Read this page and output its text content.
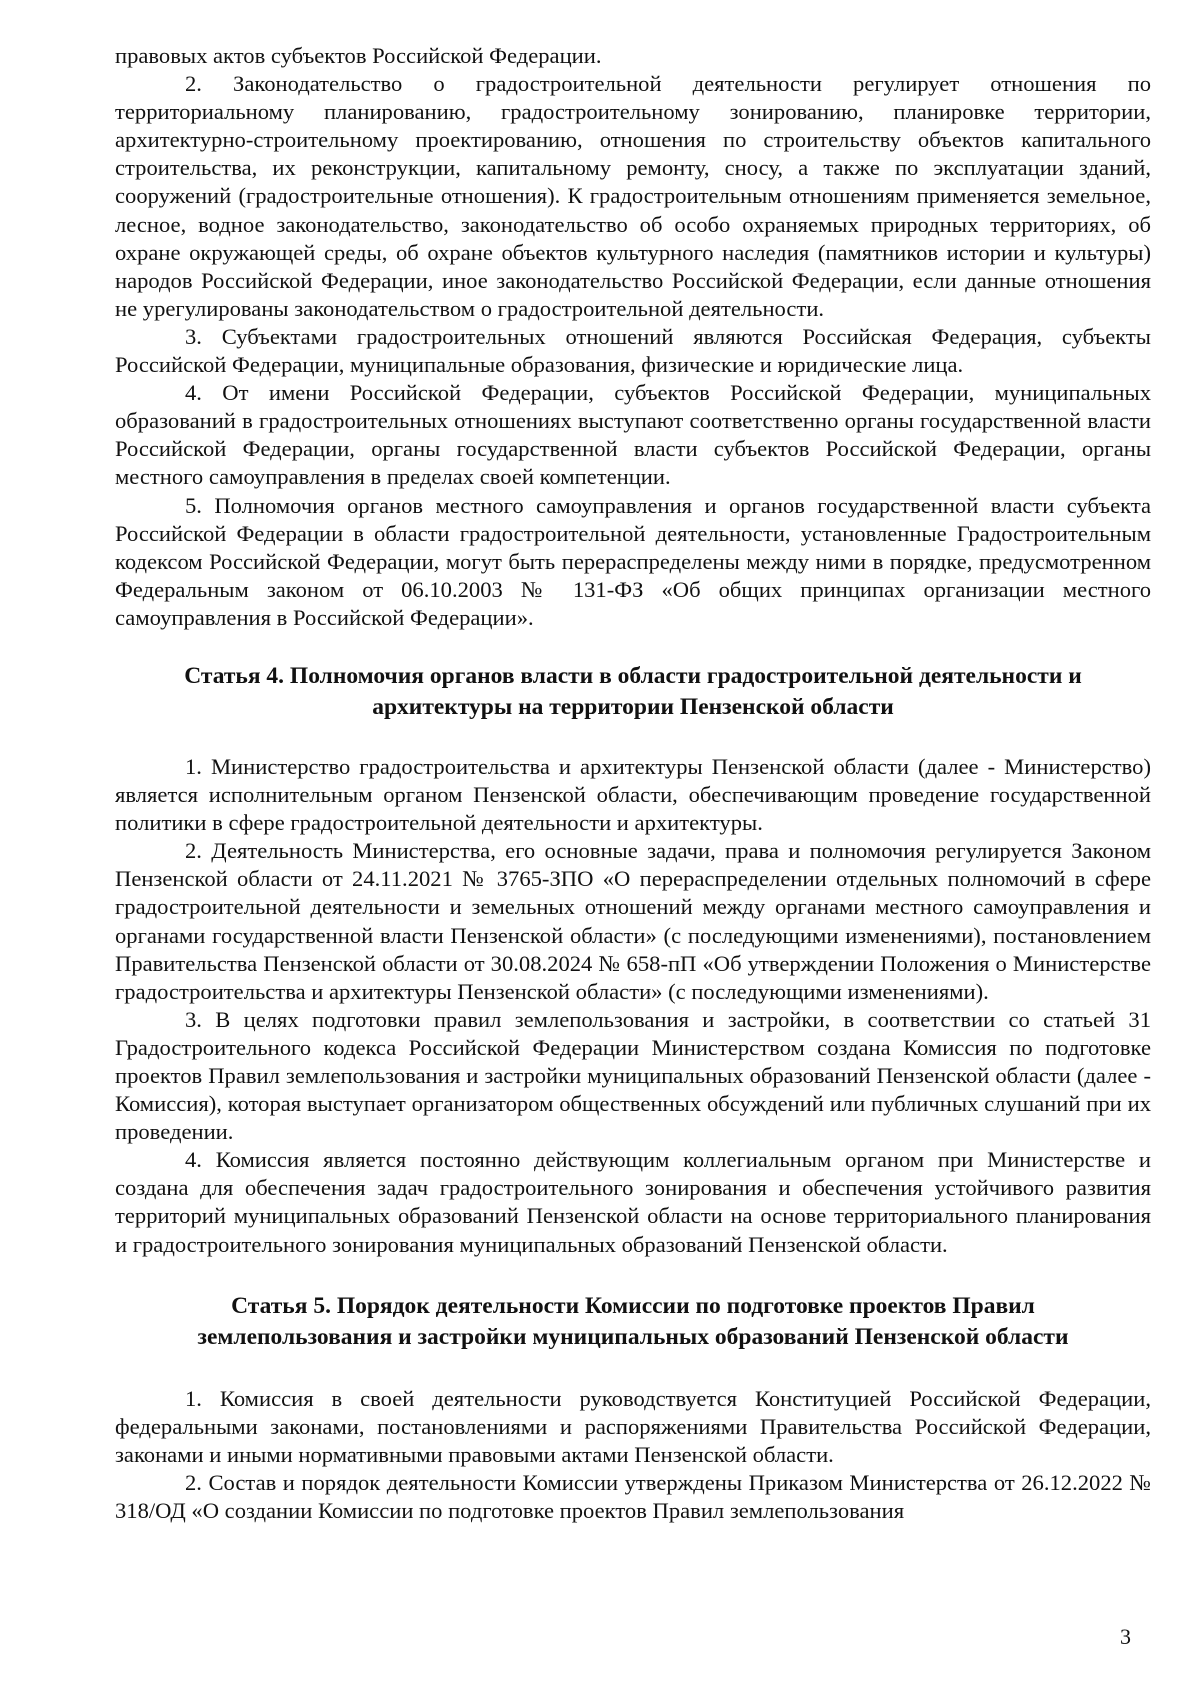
правовых актов субъектов Российской Федерации.

2. Законодательство о градостроительной деятельности регулирует отношения по территориальному планированию, градостроительному зонированию, планировке территории, архитектурно-строительному проектированию, отношения по строительству объектов капитального строительства, их реконструкции, капитальному ремонту, сносу, а также по эксплуатации зданий, сооружений (градостроительные отношения). К градостроительным отношениям применяется земельное, лесное, водное законодательство, законодательство об особо охраняемых природных территориях, об охране окружающей среды, об охране объектов культурного наследия (памятников истории и культуры) народов Российской Федерации, иное законодательство Российской Федерации, если данные отношения не урегулированы законодательством о градостроительной деятельности.

3. Субъектами градостроительных отношений являются Российская Федерация, субъекты Российской Федерации, муниципальные образования, физические и юридические лица.

4. От имени Российской Федерации, субъектов Российской Федерации, муниципальных образований в градостроительных отношениях выступают соответственно органы государственной власти Российской Федерации, органы государственной власти субъектов Российской Федерации, органы местного самоуправления в пределах своей компетенции.

5. Полномочия органов местного самоуправления и органов государственной власти субъекта Российской Федерации в области градостроительной деятельности, установленные Градостроительным кодексом Российской Федерации, могут быть перераспределены между ними в порядке, предусмотренном Федеральным законом от 06.10.2003 № 131-ФЗ «Об общих принципах организации местного самоуправления в Российской Федерации».

Статья 4. Полномочия органов власти в области градостроительной деятельности и
архитектуры на территории Пензенской области

1. Министерство градостроительства и архитектуры Пензенской области (далее - Министерство) является исполнительным органом Пензенской области, обеспечивающим проведение государственной политики в сфере градостроительной деятельности и архитектуры.

2. Деятельность Министерства, его основные задачи, права и полномочия регулируется Законом Пензенской области от 24.11.2021 № 3765-ЗПО «О перераспределении отдельных полномочий в сфере градостроительной деятельности и земельных отношений между органами местного самоуправления и органами государственной власти Пензенской области» (с последующими изменениями), постановлением Правительства Пензенской области от 30.08.2024 № 658-пП «Об утверждении Положения о Министерстве градостроительства и архитектуры Пензенской области» (с последующими изменениями).

3. В целях подготовки правил землепользования и застройки, в соответствии со статьей 31 Градостроительного кодекса Российской Федерации Министерством создана Комиссия по подготовке проектов Правил землепользования и застройки муниципальных образований Пензенской области (далее - Комиссия), которая выступает организатором общественных обсуждений или публичных слушаний при их проведении.

4. Комиссия является постоянно действующим коллегиальным органом при Министерстве и создана для обеспечения задач градостроительного зонирования и обеспечения устойчивого развития территорий муниципальных образований Пензенской области на основе территориального планирования и градостроительного зонирования муниципальных образований Пензенской области.

Статья 5. Порядок деятельности Комиссии по подготовке проектов Правил
землепользования и застройки муниципальных образований Пензенской области

1. Комиссия в своей деятельности руководствуется Конституцией Российской Федерации, федеральными законами, постановлениями и распоряжениями Правительства Российской Федерации, законами и иными нормативными правовыми актами Пензенской области.

2. Состав и порядок деятельности Комиссии утверждены Приказом Министерства от 26.12.2022 № 318/ОД «О создании Комиссии по подготовке проектов Правил землепользования

3
